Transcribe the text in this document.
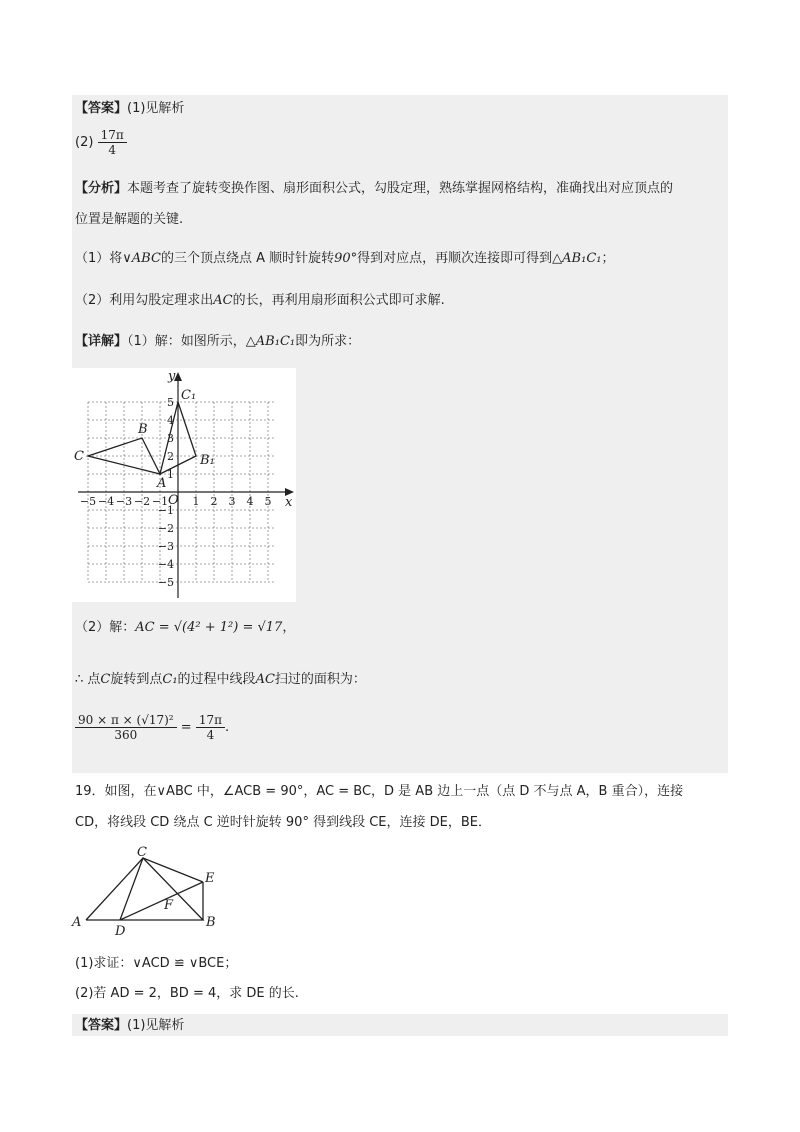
【答案】(1)见解析
$(2) \frac{17\pi}{4}$
【分析】本题考查了旋转变换作图、扇形面积公式，勾股定理，熟练掌握网格结构，准确找出对应顶点的
位置是解题的关键.
（1）将∨ABC的三个顶点绕点 A 顺时针旋转90°得到对应点，再顺次连接即可得到△AB₁C₁；
（2）利用勾股定理求出AC的长，再利用扇形面积公式即可求解.
【详解】（1）解：如图所示，△AB₁C₁即为所求：
−5 −4 −3 −2 −1 1 2 3 4 5
5
4
3
2
1
−1
−2
−3
−4
−5
x
y
O
C
B
A
B₁
C₁
（2）解：AC = √(4² + 1²) = √17，
∴ 点C旋转到点C₁的过程中线段AC扫过的面积为：
$\frac{\text{90 × π × (√17)²}}{360} = \frac{17\pi}{4}$ .
19．如图，在∨ABC 中，∠ACB = 90°，AC = BC，D 是 AB 边上一点（点 D 不与点 A，B 重合），连接
CD，将线段 CD 绕点 C 逆时针旋转 90° 得到线段 CE，连接 DE，BE．
A	B
C
D
E
F
(1)求证：∨ACD ≌ ∨BCE；
(2)若 AD = 2，BD = 4，求 DE 的长.
【答案】(1)见解析
